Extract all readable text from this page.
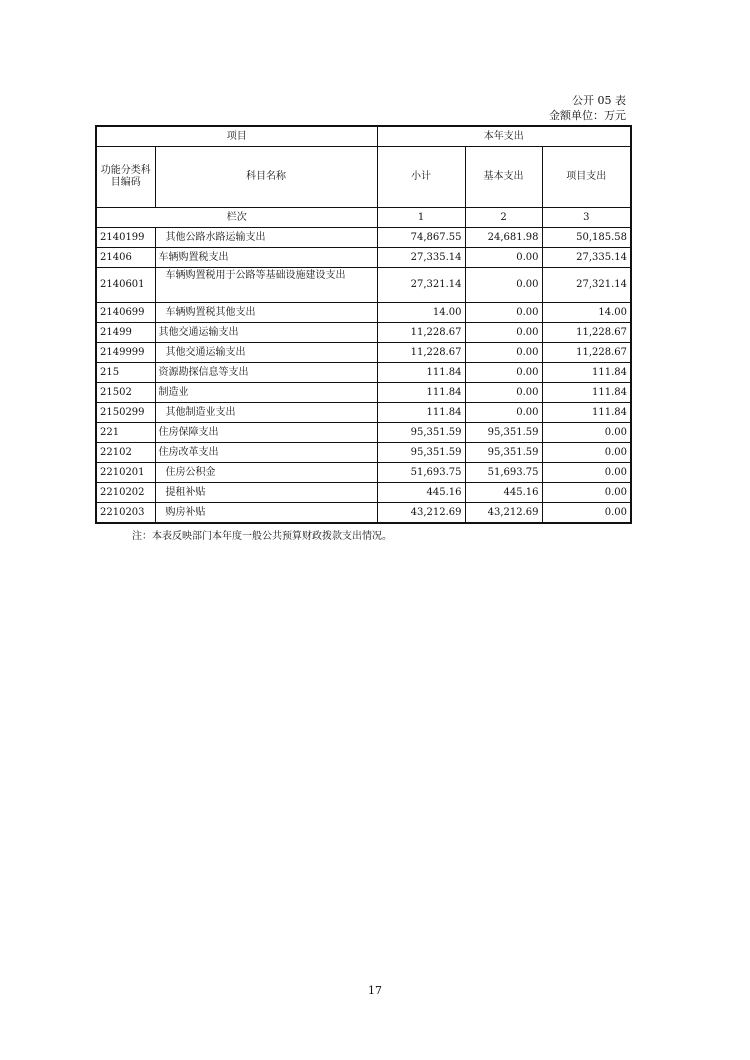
公开 05 表
金额单位：万元
项目		本年支出		
功能分类科目编码	科目名称	小计	基本支出	项目支出
栏次		1	2	3
2140199	其他公路水路运输支出	74,867.55	24,681.98	50,185.58
21406	车辆购置税支出	27,335.14	0.00	27,335.14
2140601	车辆购置税用于公路等基础设施建设支出	27,321.14	0.00	27,321.14
2140699	车辆购置税其他支出	14.00	0.00	14.00
21499	其他交通运输支出	11,228.67	0.00	11,228.67
2149999	其他交通运输支出	11,228.67	0.00	11,228.67
215	资源勘探信息等支出	111.84	0.00	111.84
21502	制造业	111.84	0.00	111.84
2150299	其他制造业支出	111.84	0.00	111.84
221	住房保障支出	95,351.59	95,351.59	0.00
22102	住房改革支出	95,351.59	95,351.59	0.00
2210201	住房公积金	51,693.75	51,693.75	0.00
2210202	提租补贴	445.16	445.16	0.00
2210203	购房补贴	43,212.69	43,212.69	0.00
注：本表反映部门本年度一般公共预算财政拨款支出情况。
17
